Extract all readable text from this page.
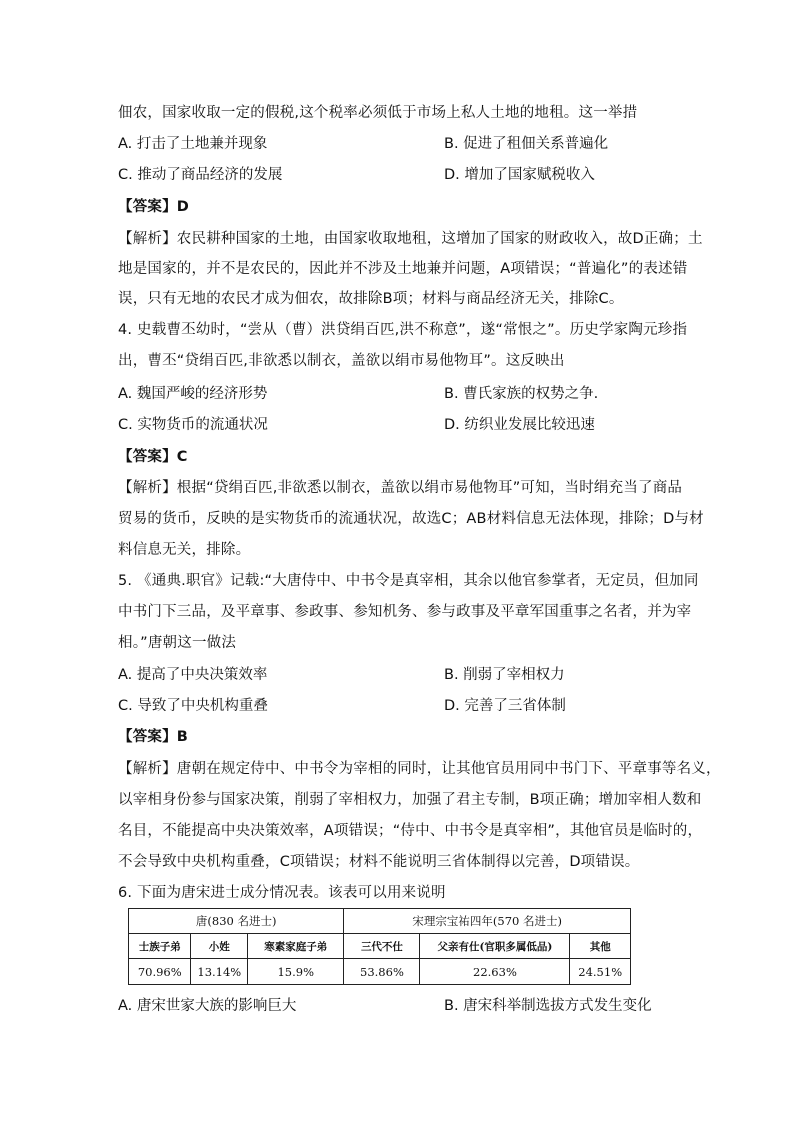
佃农，国家收取一定的假税,这个税率必须低于市场上私人土地的地租。这一举措
A. 打击了土地兼并现象	B. 促进了租佃关系普遍化
C. 推动了商品经济的发展	D. 增加了国家赋税收入
【答案】D
【解析】农民耕种国家的土地，由国家收取地租，这增加了国家的财政收入，故D正确；土
地是国家的，并不是农民的，因此并不涉及土地兼并问题，A项错误；“普遍化”的表述错
误，只有无地的农民才成为佃农，故排除B项；材料与商品经济无关，排除C。
4. 史载曹丕幼时，“尝从（曹）洪贷绢百匹,洪不称意”，遂“常恨之”。历史学家陶元珍指
出，曹丕“贷绢百匹,非欲悉以制衣，盖欲以绢市易他物耳”。这反映出
A. 魏国严峻的经济形势	B. 曹氏家族的权势之争.
C. 实物货币的流通状况	D. 纺织业发展比较迅速
【答案】C
【解析】根据“贷绢百匹,非欲悉以制衣，盖欲以绢市易他物耳”可知，当时绢充当了商品
贸易的货币，反映的是实物货币的流通状况，故选C；AB材料信息无法体现，排除；D与材
料信息无关，排除。
5. 《通典.职官》记载:“大唐侍中、中书令是真宰相，其余以他官参掌者，无定员，但加同
中书门下三品，及平章事、参政事、参知机务、参与政事及平章军国重事之名者，并为宰
相。”唐朝这一做法
A. 提高了中央决策效率	B. 削弱了宰相权力
C. 导致了中央机构重叠	D. 完善了三省体制
【答案】B
【解析】唐朝在规定侍中、中书令为宰相的同时，让其他官员用同中书门下、平章事等名义，
以宰相身份参与国家决策，削弱了宰相权力，加强了君主专制，B项正确；增加宰相人数和
名目，不能提高中央决策效率，A项错误；“侍中、中书令是真宰相”，其他官员是临时的，
不会导致中央机构重叠，C项错误；材料不能说明三省体制得以完善，D项错误。
6. 下面为唐宋进士成分情况表。该表可以用来说明
唐(830 名进士)			宋理宗宝祐四年(570 名进士)		
士族子弟	小姓	寒素家庭子弟	三代不仕	父亲有仕(官职多属低品)	其他
70.96%	13.14%	15.9%	53.86%	22.63%	24.51%
A. 唐宋世家大族的影响巨大	B. 唐宋科举制选拔方式发生变化
